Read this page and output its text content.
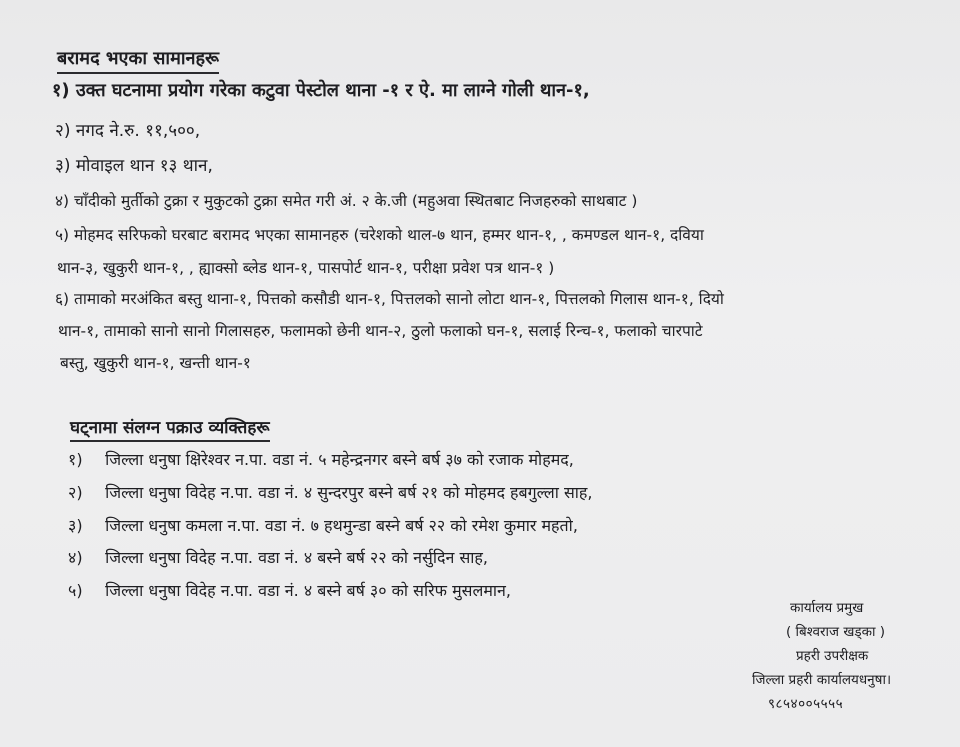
बरामद भएका सामानहरू
१) उक्त घटनामा प्रयोग गरेका कटुवा पेस्टोल थाना -१ र ऐ. मा लाग्ने गोली थान-१,
२) नगद ने.रु. ११,५००,
३) मोवाइल थान १३ थान,
४) चाँदीको मुर्तीको टुक्रा र मुकुटको टुक्रा समेत गरी अं. २ के.जी (महुअवा स्थितबाट निजहरुको साथबाट )
५) मोहमद सरिफको घरबाट बरामद भएका सामानहरु (चरेशको थाल-७ थान, हम्मर थान-१, , कमण्डल थान-१, दविया
थान-३, खुकुरी थान-१, , ह्याक्सो ब्लेड थान-१, पासपोर्ट थान-१, परीक्षा प्रवेश पत्र थान-१ )
६) तामाको मरअंकित बस्तु थाना-१, पित्तको कसौडी थान-१, पित्तलको सानो लोटा थान-१, पित्तलको गिलास थान-१, दियो
थान-१, तामाको सानो सानो गिलासहरु, फलामको छेनी थान-२, ठुलो फलाको घन-१, सलाई रिन्च-१, फलाको चारपाटे
बस्तु, खुकुरी थान-१, खन्ती थान-१
घट्नामा संलग्न पक्राउ व्यक्तिहरू
१) जिल्ला धनुषा क्षिरेश्वर न.पा. वडा नं. ५ महेन्द्रनगर बस्ने बर्ष ३७ को रजाक मोहमद,
२) जिल्ला धनुषा विदेह न.पा. वडा नं. ४ सुन्दरपुर बस्ने बर्ष २१ को मोहमद हबगुल्ला साह,
३) जिल्ला धनुषा कमला न.पा. वडा नं. ७ हथमुन्डा बस्ने बर्ष २२ को रमेश कुमार महतो,
४) जिल्ला धनुषा विदेह न.पा. वडा नं. ४ बस्ने बर्ष २२ को नर्सुदिन साह,
५) जिल्ला धनुषा विदेह न.पा. वडा नं. ४ बस्ने बर्ष ३० को सरिफ मुसलमान,
कार्यालय प्रमुख
( बिश्वराज खड्का )
प्रहरी उपरीक्षक
जिल्ला प्रहरी कार्यालयधनुषा।
९८५४००५५५५
